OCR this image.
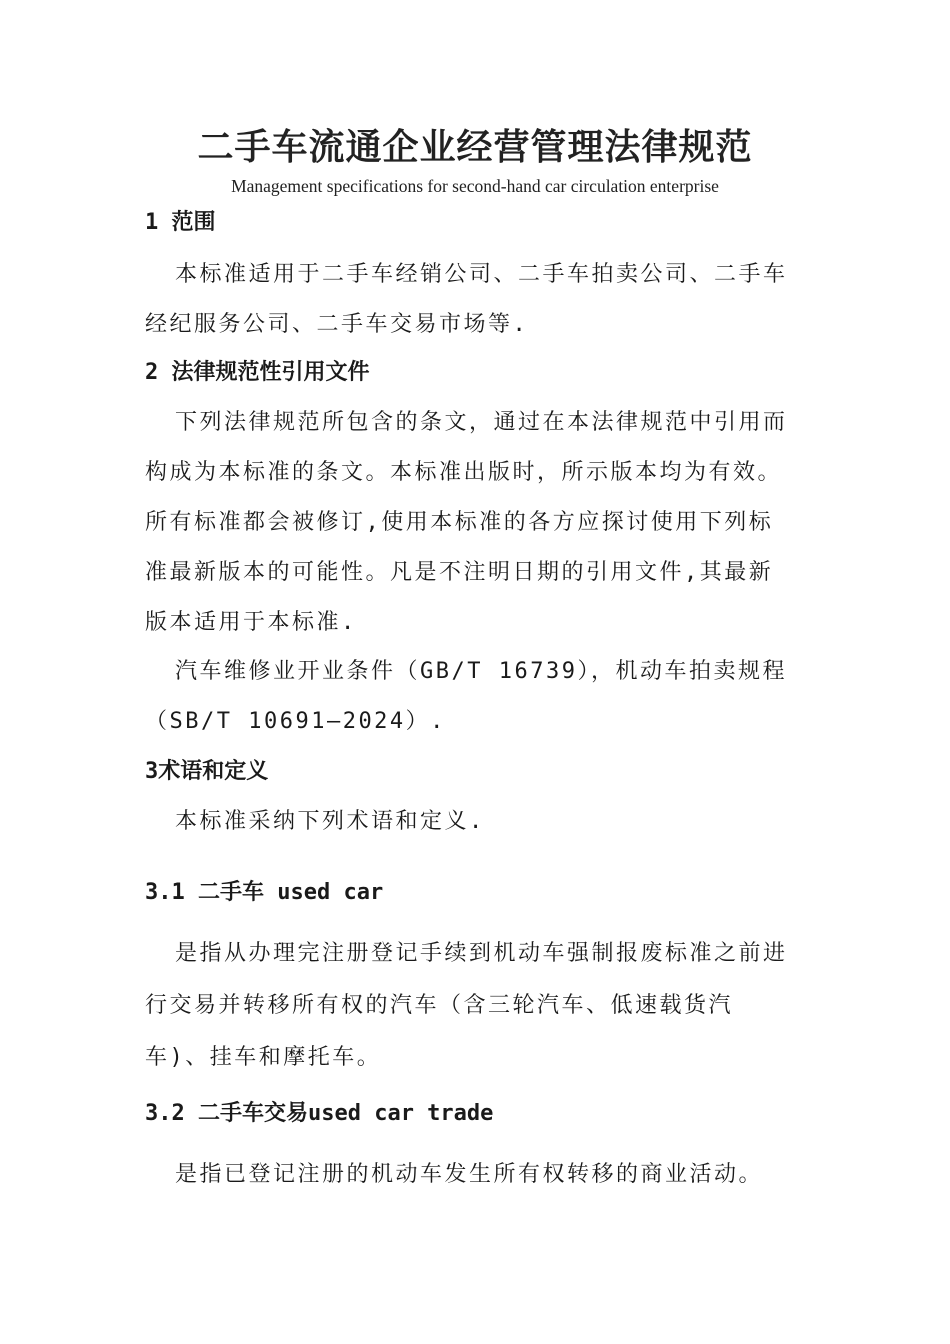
二手车流通企业经营管理法律规范
Management specifications for second-hand car circulation enterprise
1 范围
本标准适用于二手车经销公司、二手车拍卖公司、二手车经纪服务公司、二手车交易市场等.
2 法律规范性引用文件
下列法律规范所包含的条文，通过在本法律规范中引用而构成为本标准的条文。本标准出版时，所示版本均为有效。所有标准都会被修订,使用本标准的各方应探讨使用下列标准最新版本的可能性。凡是不注明日期的引用文件,其最新版本适用于本标准.
汽车维修业开业条件（GB/T 16739），机动车拍卖规程（SB/T 10691—2024）.
3术语和定义
本标准采纳下列术语和定义.
3.1 二手车 used car
是指从办理完注册登记手续到机动车强制报废标准之前进行交易并转移所有权的汽车（含三轮汽车、低速载货汽车)、挂车和摩托车。
3.2 二手车交易used car trade
是指已登记注册的机动车发生所有权转移的商业活动。
